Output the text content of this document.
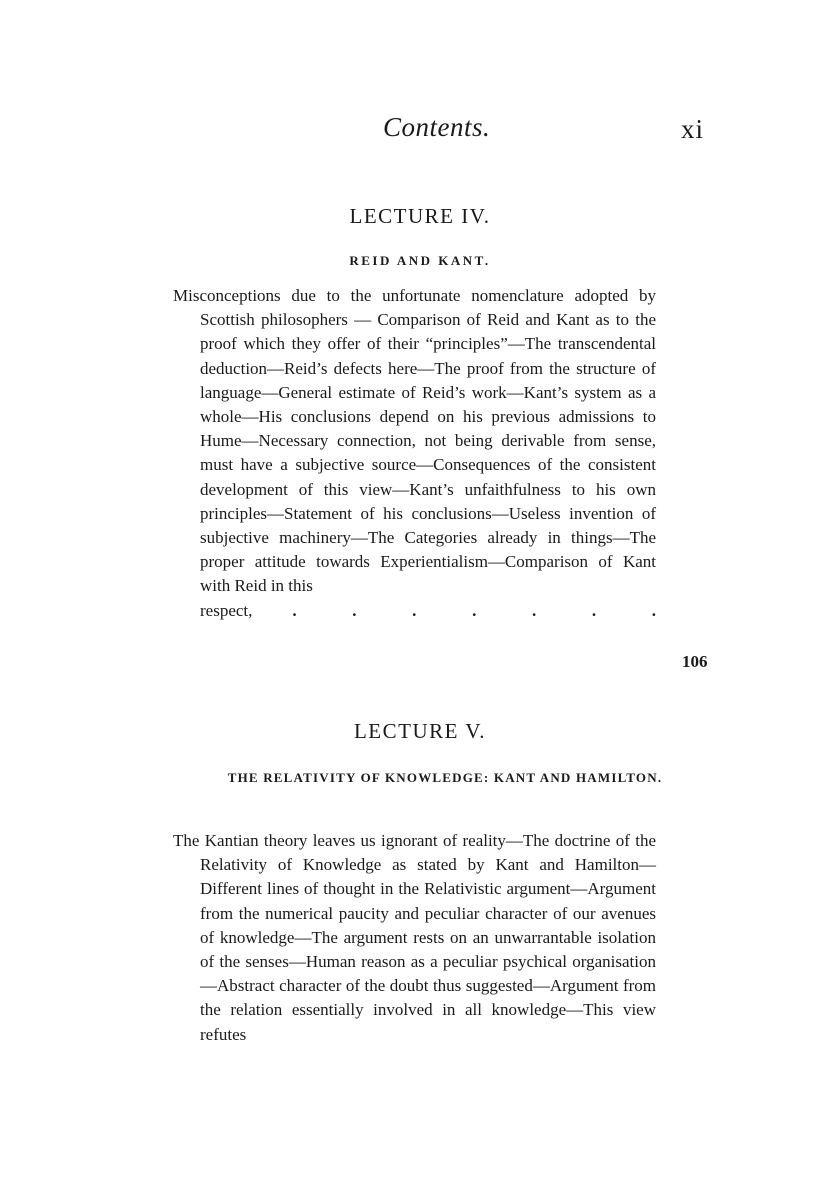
Contents.	xi
LECTURE IV.
REID AND KANT.
Misconceptions due to the unfortunate nomenclature adopted by Scottish philosophers — Comparison of Reid and Kant as to the proof which they offer of their “principles”—The transcendental deduction—Reid’s defects here—The proof from the structure of language—General estimate of Reid’s work—Kant’s system as a whole—His conclusions depend on his previous admissions to Hume—Necessary connection, not being derivable from sense, must have a subjective source—Consequences of the consistent development of this view—Kant’s unfaithfulness to his own principles—Statement of his conclusions—Useless invention of subjective machinery—The Categories already in things—The proper attitude towards Experientialism—Comparison of Kant with Reid in this
respect, .	.	.	.	.	.	.
106
LECTURE V.
THE RELATIVITY OF KNOWLEDGE: KANT AND HAMILTON.
The Kantian theory leaves us ignorant of reality—The doctrine of the Relativity of Knowledge as stated by Kant and Hamilton—Different lines of thought in the Relativistic argument—Argument from the numerical paucity and peculiar character of our avenues of knowledge—The argument rests on an unwarrantable isolation of the senses—Human reason as a peculiar psychical organisation—Abstract character of the doubt thus suggested—Argument from the relation essentially involved in all knowledge—This view refutes
